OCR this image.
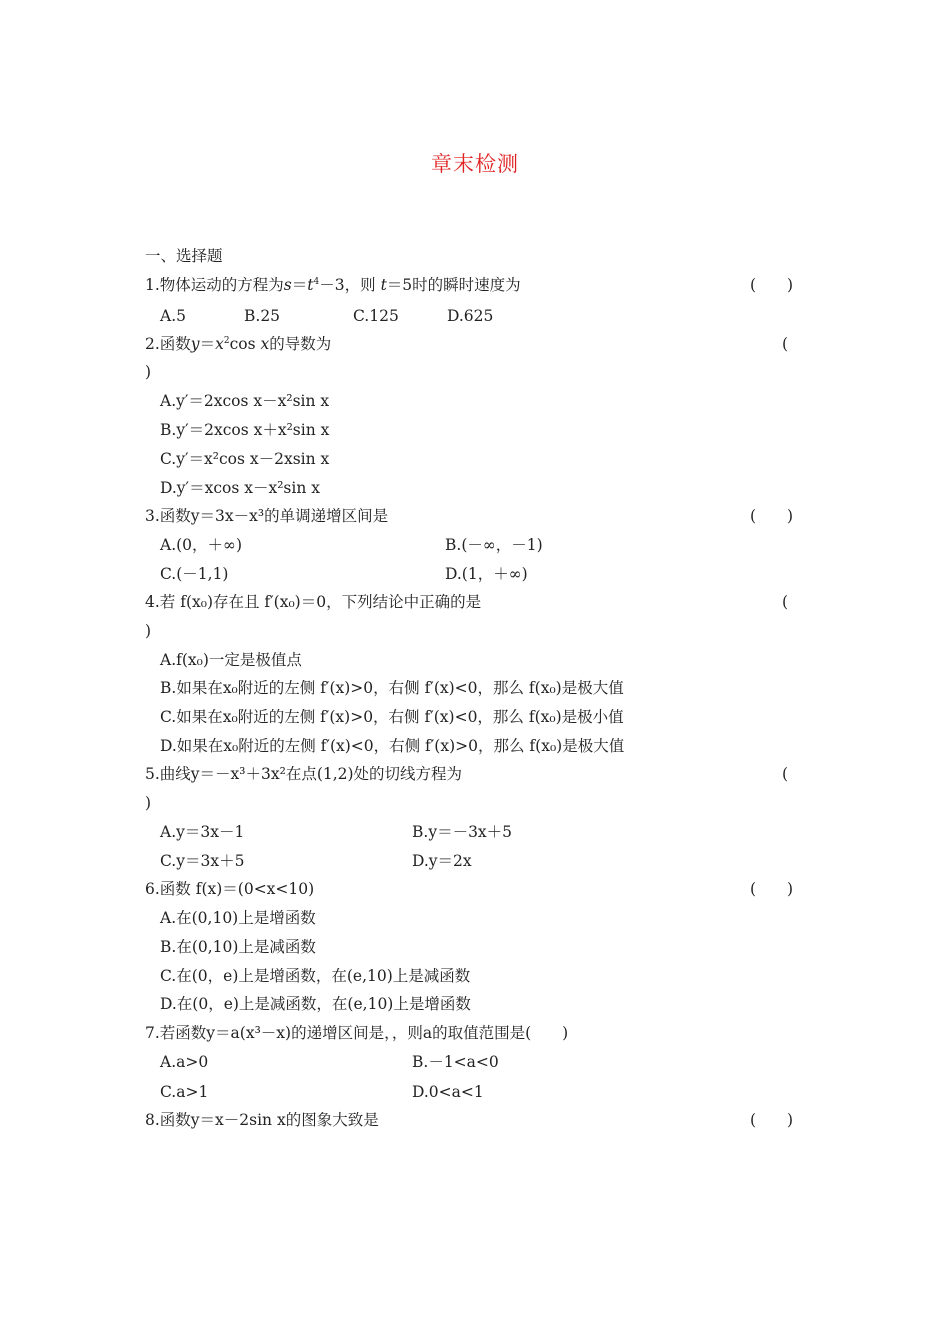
章末检测
一、选择题
1.物体运动的方程为$s=t^4-3$，则 t＝5时的瞬时速度为	(　　)
A.5	B.25	C.125	D.625
2.函数$y=x^2\cos$ x的导数为	(
)
A.y′＝2xcos x－x²sin x
B.y′＝2xcos x＋x²sin x
C.y′＝x²cos x－2xsin x
D.y′＝xcos x－x²sin x
3.函数y＝3x－x³的单调递增区间是	(　　)
A.(0，＋∞)	B.(－∞，－1)
C.(－1,1)	D.(1，＋∞)
4.若 f(x₀)存在且 f′(x₀)＝0，下列结论中正确的是	(
)
A.f(x₀)一定是极值点
B.如果在x₀附近的左侧 f′(x)>0，右侧 f′(x)<0，那么 f(x₀)是极大值
C.如果在x₀附近的左侧 f′(x)>0，右侧 f′(x)<0，那么 f(x₀)是极小值
D.如果在x₀附近的左侧 f′(x)<0，右侧 f′(x)>0，那么 f(x₀)是极大值
5.曲线y＝－x³＋3x²在点(1,2)处的切线方程为	(
)
A.y＝3x－1	B.y＝－3x＋5
C.y＝3x＋5	D.y＝2x
6.函数 f(x)＝(0<x<10)	(　　)
A.在(0,10)上是增函数
B.在(0,10)上是减函数
C.在(0，e)上是增函数，在(e,10)上是减函数
D.在(0，e)上是减函数，在(e,10)上是增函数
7.若函数y＝a(x³－x)的递增区间是，，则a的取值范围是(　　)
A.a>0	B.－1<a<0
C.a>1	D.0<a<1
8.函数y＝x－2sin x的图象大致是	(　　)
